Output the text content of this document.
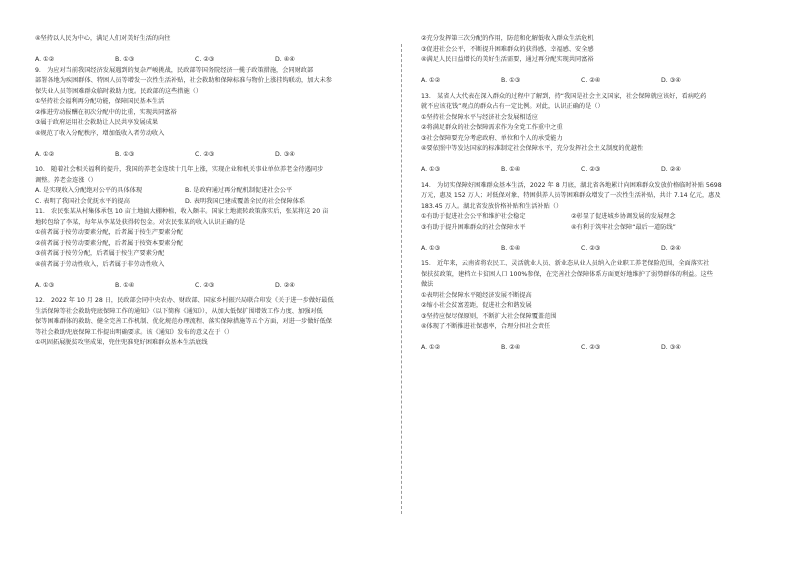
④坚持以人民为中心，满足人们对美好生活的向往
A. ①②	B. ①③	C. ②③	D. ④④
9.　为应对当前我国经济发展遇到的复杂严峻挑战，民政部等国务院经济一揽子政策措施，会同财政部
部署各地为疾困群体、特困人员等增发一次性生活补贴，社会救助和保障标准与物价上涨挂钩联动，加大未参
保失业人员等困难群众临时救助力度。民政部的这些措施（）
①坚持社会福利再分配功能，保障国民基本生活
②推进劳动报酬在初次分配中的比重，实现共同富裕
③属于政府运用社会救助让人民共享发展成果
④规范了收入分配秩序，增加低收入者劳动收入
A. ①②	B. ①③	C. ②③	D. ③④
10.　随着社会相关福利的提升，我国的养老金连续十几年上涨，实现企业和机关事业单位养老金待遇同步
调整。养老金连涨（）
A. 是实现收入分配绝对公平的具体体现	B. 是政府通过再分配机制促进社会公平
C. 表明了我国社会优抚水平的提高	D. 表明我国已建成覆盖全民的社会保障体系
11.　农民张某从村集体承包 10 亩土地搞大棚种植，收入颇丰。国家土地流转政策落实后，张某将这 20 亩
地转包给了李某，每年从李某处获得转包金。对农民张某的收入认识正确的是
①前者属于按劳动要素分配，后者属于按生产要素分配
②前者属于按劳动要素分配，后者属于按资本要素分配
③前者属于按劳分配，后者属于按生产要素分配
④前者属于劳动性收入，后者属于非劳动性收入
A. ①③	B. ①④	C. ②③	D. ②④
12.　2022 年 10 月 28 日，民政部会同中央农办、财政部、国家乡村振兴局联合印发《关于进一步做好最低
生活保障等社会救助兜底保障工作的通知》（以下简称《通知》），从加大低保扩围增效工作力度、加强对低
保等困难群体的救助、健全完善工作机制、优化规范办理流程、落实保障措施等五个方面，对进一步做好低保
等社会救助兜底保障工作提出明确要求。该《通知》发布的意义在于（）
①巩固拓展脱贫攻坚成果，兜住兜准兜好困难群众基本生活底线
②充分发挥第三次分配的作用，防范和化解低收入群众生活危机
③促进社会公平，不断提升困难群众的获得感、幸福感、安全感
④满足人民日益增长的美好生活需要，通过再分配实现共同富裕
A. ①②	B. ①③	C. ②④	D. ③④
13.　某省人大代表在深入群众的过程中了解到，持“我国是社会主义国家，社会保障就应该好，看病吃药
就不应该花钱”观点的群众占有一定比例。对此，认识正确的是（）
①坚持社会保障水平与经济社会发展相适应
②将满足群众的社会保障需求作为全党工作重中之重
③社会保障要充分考虑政府、单位和个人的承受能力
④要依照中等发达国家的标准制定社会保障水平，充分发挥社会主义制度的优越性
A. ①③	B. ①④	C. ②③	D. ②④
14.　为切实保障好困难群众基本生活，2022 年 8 月底，湖北省各地累计向困难群众发放价格临时补贴 5698
万元，惠及 152 万人；对低保对象、特困供养人员等困难群众增发了一次性生活补贴，共计 7.14 亿元，惠及
183.45 万人。湖北省发放价格补贴和生活补贴（）
①有助于促进社会公平和维护社会稳定	②彰显了促进城乡协调发展的发展理念
③有助于提升困难群众的社会保障水平	④有利于筑牢社会保障“最后一道防线”
A. ①③	B. ①④	C. ②③	D. ②④
15.　近年来，云南省将农民工、灵活就业人员、新业态从业人员纳入企业职工养老保险范围，全面落实社
保扶贫政策，建档立卡贫困人口 100%参保，在完善社会保障体系方面更好地维护了弱势群体的利益。这些
做法
①表明社会保障水平随经济发展不断提高
②缩小社会贫富差距，促进社会和谐发展
③坚持应保尽保原则，不断扩大社会保障覆盖范围
④体现了不断推进社保惠率，合理分担社会责任
A. ①②	B. ②④	C. ②③	D. ③④
